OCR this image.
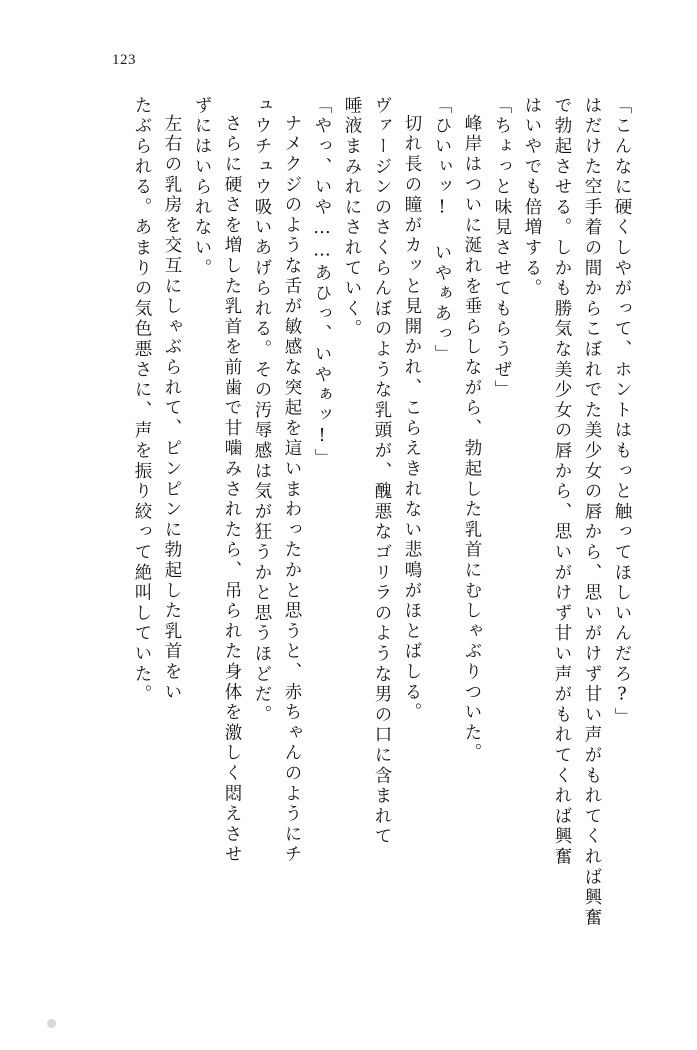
123
「こんなに硬くしやがって、ホントはもっと触ってほしいんだろ?」
はだけた空手着の間からこぼれでた美少女の唇から、思いがけず甘い声がもれてくれば興奮
で勃起させる。しかも勝気な美少女の唇から、思いがけず甘い声がもれてくれば興奮
はいやでも倍増する。
「ちょっと味見させてもらうぜ」
峰岸はついに涎れを垂らしながら、勃起した乳首にむしゃぶりついた。
「ひいぃッ! いやぁあっ」
切れ長の瞳がカッと見開かれ、こらえきれない悲鳴がほとばしる。
ヴァージンのさくらんぼのような乳頭が、醜悪なゴリラのような男の口に含まれて
唾液まみれにされていく。
「やっ、いや……あひっ、いやぁッ!」
ナメクジのような舌が敏感な突起を這いまわったかと思うと、赤ちゃんのようにチ
ュウチュウ吸いあげられる。その汚辱感は気が狂うかと思うほどだ。
さらに硬さを増した乳首を前歯で甘噛みされたら、吊られた身体を激しく悶えさせ
ずにはいられない。
左右の乳房を交互にしゃぶられて、ピンピンに勃起した乳首をい
たぶられる。あまりの気色悪さに、声を振り絞って絶叫していた。
